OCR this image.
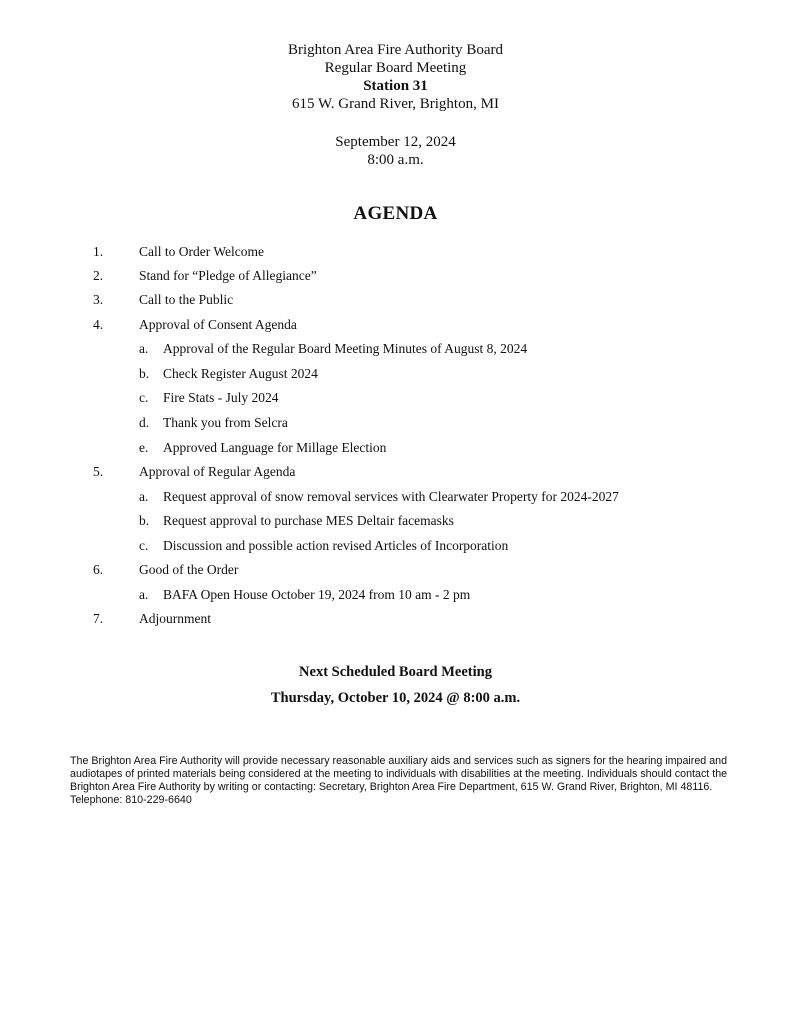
Brighton Area Fire Authority Board
Regular Board Meeting
Station 31
615 W. Grand River, Brighton, MI
September 12, 2024
8:00 a.m.
AGENDA
1.	Call to Order Welcome
2.	Stand for “Pledge of Allegiance”
3.	Call to the Public
4.	Approval of Consent Agenda
a. Approval of the Regular Board Meeting Minutes of August 8, 2024
b. Check Register August 2024
c. Fire Stats - July 2024
d. Thank you from Selcra
e. Approved Language for Millage Election
5.	Approval of Regular Agenda
a. Request approval of snow removal services with Clearwater Property for 2024-2027
b. Request approval to purchase MES Deltair facemasks
c. Discussion and possible action revised Articles of Incorporation
6.	Good of the Order
a. BAFA Open House October 19, 2024 from 10 am - 2 pm
7.	Adjournment
Next Scheduled Board Meeting
Thursday, October 10, 2024 @ 8:00 a.m.
The Brighton Area Fire Authority will provide necessary reasonable auxiliary aids and services such as signers for the hearing impaired and audiotapes of printed materials being considered at the meeting to individuals with disabilities at the meeting. Individuals should contact the Brighton Area Fire Authority by writing or contacting: Secretary, Brighton Area Fire Department, 615 W. Grand River, Brighton, MI 48116. Telephone: 810-229-6640
